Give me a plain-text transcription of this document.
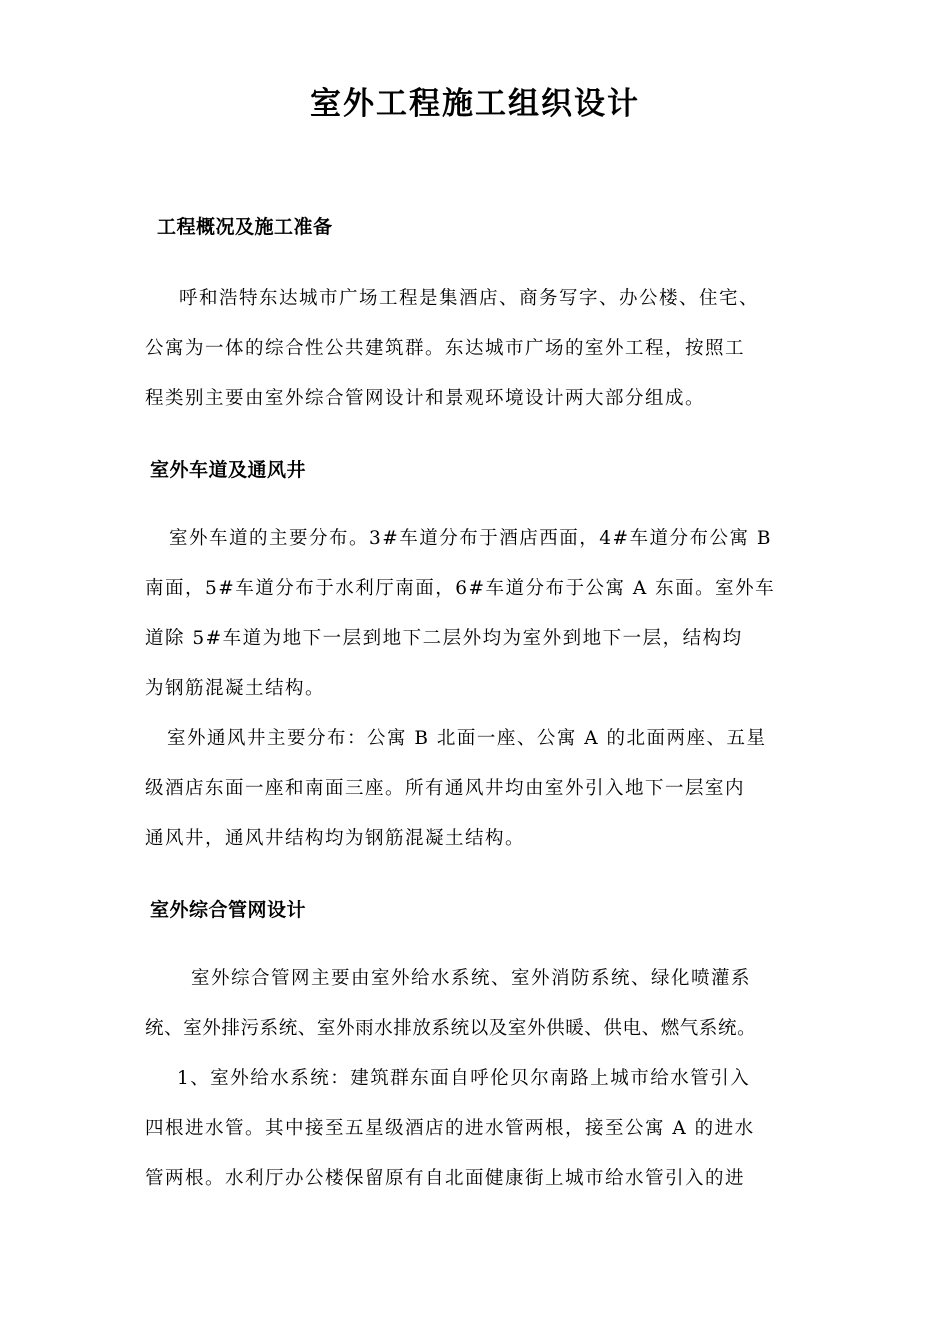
室外工程施工组织设计
工程概况及施工准备
呼和浩特东达城市广场工程是集酒店、商务写字、办公楼、住宅、
公寓为一体的综合性公共建筑群。东达城市广场的室外工程，按照工
程类别主要由室外综合管网设计和景观环境设计两大部分组成。
室外车道及通风井
室外车道的主要分布。3#车道分布于酒店西面，4#车道分布公寓 B
南面，5#车道分布于水利厅南面，6#车道分布于公寓 A 东面。室外车
道除 5#车道为地下一层到地下二层外均为室外到地下一层，结构均
为钢筋混凝土结构。
室外通风井主要分布：公寓 B 北面一座、公寓 A 的北面两座、五星
级酒店东面一座和南面三座。所有通风井均由室外引入地下一层室内
通风井，通风井结构均为钢筋混凝土结构。
室外综合管网设计
室外综合管网主要由室外给水系统、室外消防系统、绿化喷灌系
统、室外排污系统、室外雨水排放系统以及室外供暖、供电、燃气系统。
1、室外给水系统：建筑群东面自呼伦贝尔南路上城市给水管引入
四根进水管。其中接至五星级酒店的进水管两根，接至公寓 A 的进水
管两根。水利厅办公楼保留原有自北面健康街上城市给水管引入的进
